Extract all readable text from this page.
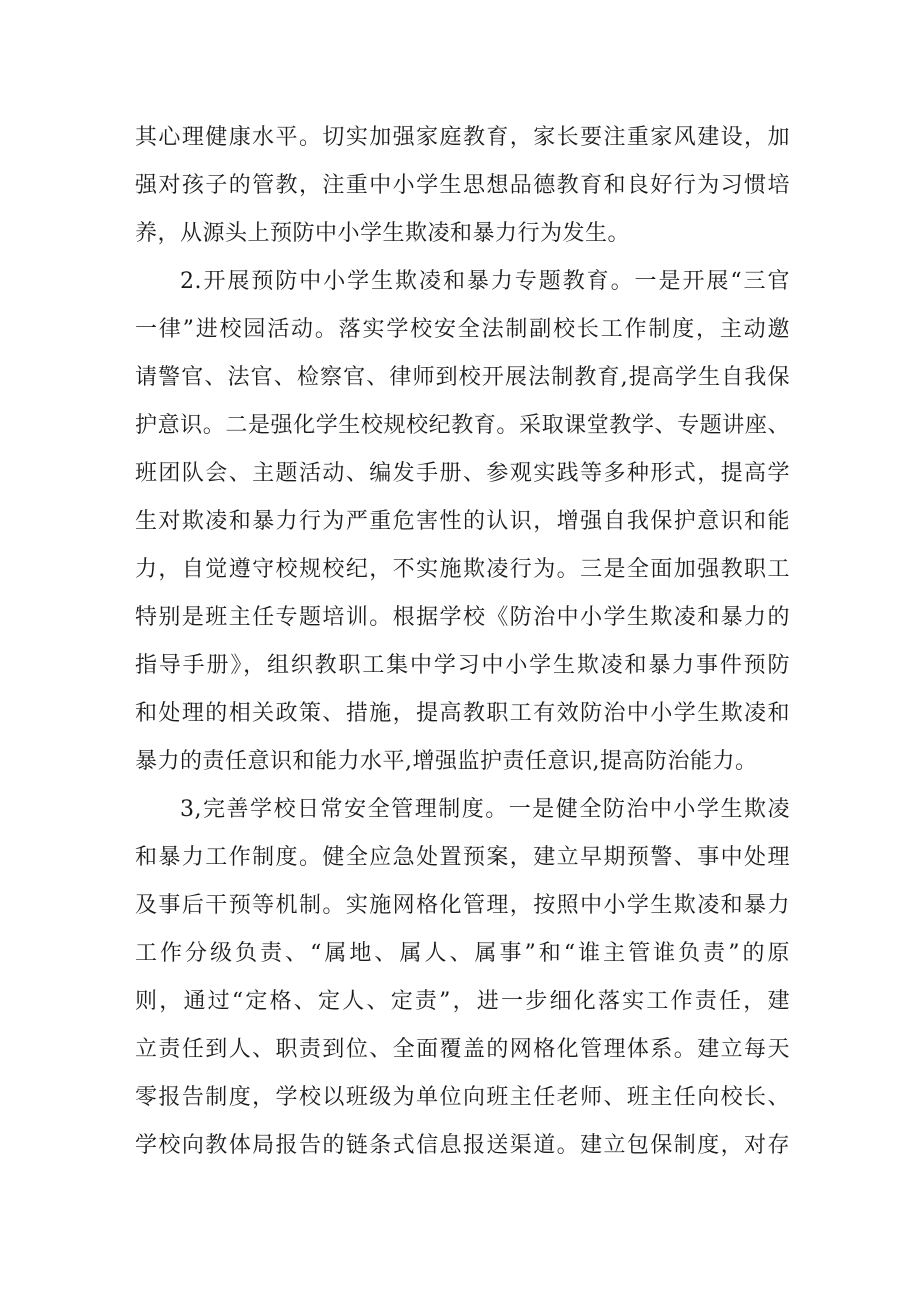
其心理健康水平。切实加强家庭教育，家长要注重家风建设，加
强对孩子的管教，注重中小学生思想品德教育和良好行为习惯培
养，从源头上预防中小学生欺凌和暴力行为发生。
2.开展预防中小学生欺凌和暴力专题教育。一是开展“三官
一律”进校园活动。落实学校安全法制副校长工作制度，主动邀
请警官、法官、检察官、律师到校开展法制教育,提高学生自我保
护意识。二是强化学生校规校纪教育。采取课堂教学、专题讲座、
班团队会、主题活动、编发手册、参观实践等多种形式，提高学
生对欺凌和暴力行为严重危害性的认识，增强自我保护意识和能
力，自觉遵守校规校纪，不实施欺凌行为。三是全面加强教职工
特别是班主任专题培训。根据学校《防治中小学生欺凌和暴力的
指导手册》，组织教职工集中学习中小学生欺凌和暴力事件预防
和处理的相关政策、措施，提高教职工有效防治中小学生欺凌和
暴力的责任意识和能力水平,增强监护责任意识,提高防治能力。
3,完善学校日常安全管理制度。一是健全防治中小学生欺凌
和暴力工作制度。健全应急处置预案，建立早期预警、事中处理
及事后干预等机制。实施网格化管理，按照中小学生欺凌和暴力
工作分级负责、“属地、属人、属事”和“谁主管谁负责”的原
则，通过“定格、定人、定责”，进一步细化落实工作责任，建
立责任到人、职责到位、全面覆盖的网格化管理体系。建立每天
零报告制度，学校以班级为单位向班主任老师、班主任向校长、
学校向教体局报告的链条式信息报送渠道。建立包保制度，对存
